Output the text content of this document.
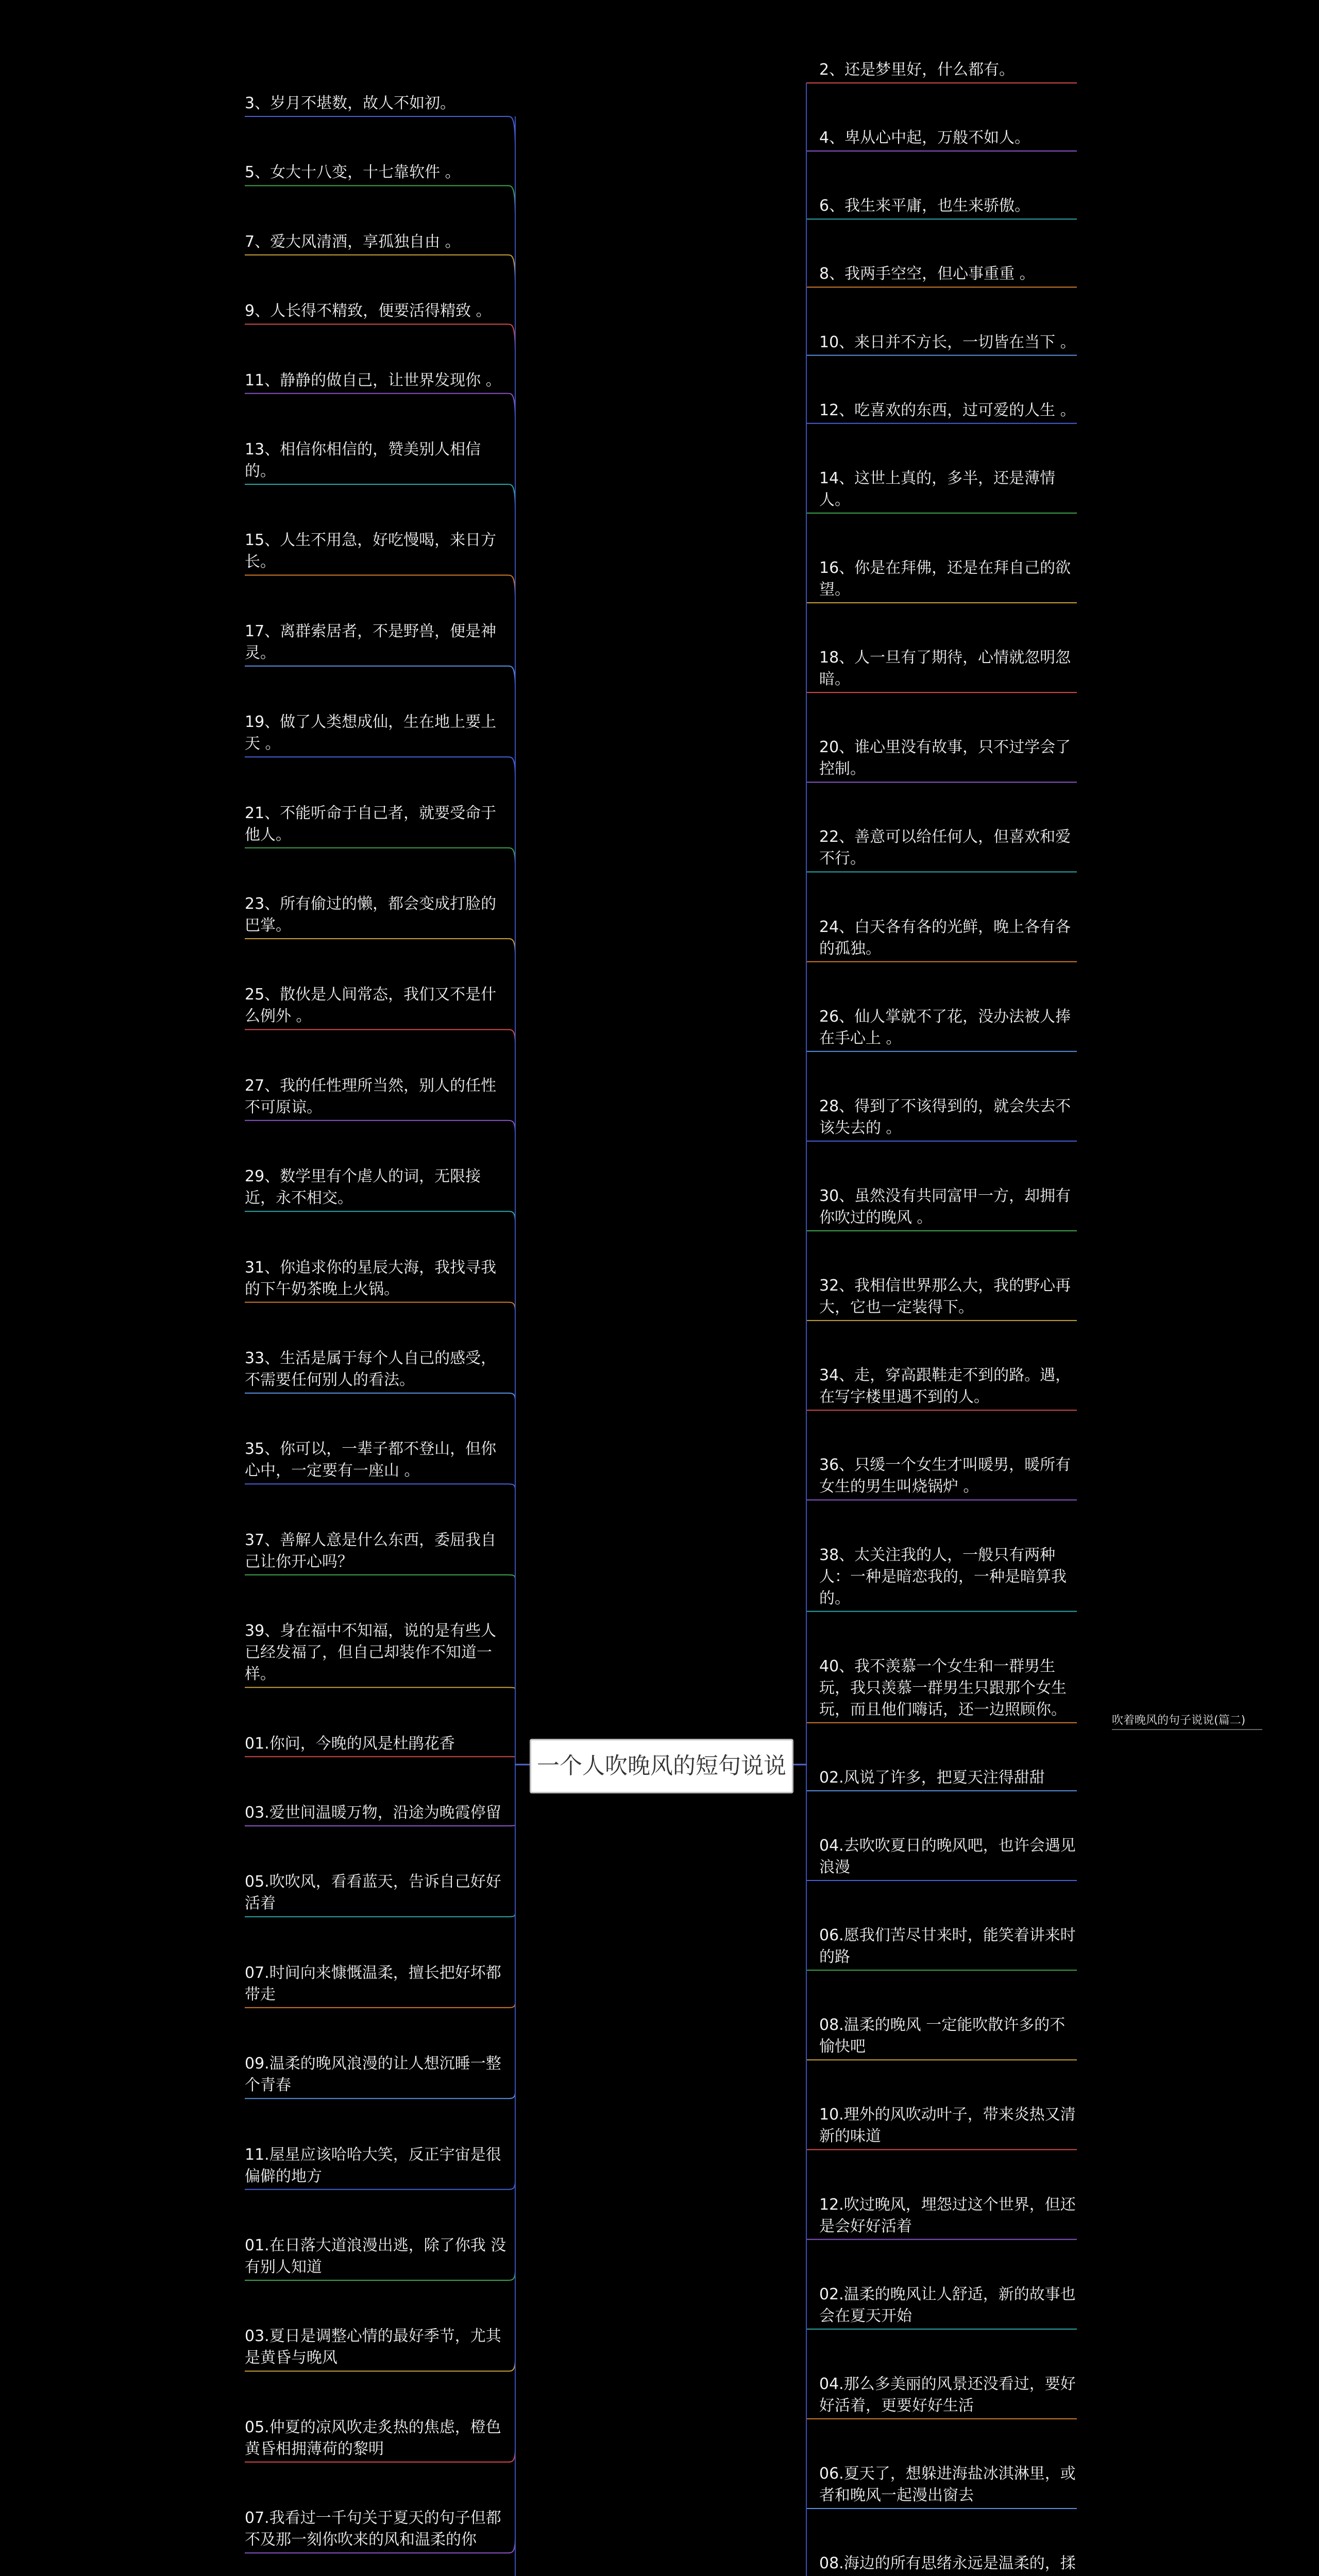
一个人吹晚风的短句说说
吹着晚风的句子说说(篇二)
3、岁月不堪数，故人不如初。
5、女大十八变，十七靠软件 。
7、爱大风清酒，享孤独自由 。
9、人长得不精致，便要活得精致 。
11、静静的做自己，让世界发现你 。
13、相信你相信的，赞美别人相信的。
15、人生不用急，好吃慢喝，来日方长。
17、离群索居者，不是野兽，便是神灵。
19、做了人类想成仙，生在地上要上天 。
21、不能听命于自己者，就要受命于他人。
23、所有偷过的懒，都会变成打脸的巴掌。
25、散伙是人间常态，我们又不是什么例外 。
27、我的任性理所当然，别人的任性不可原谅。
29、数学里有个虐人的词，无限接近，永不相交。
31、你追求你的星辰大海，我找寻我的下午奶茶晚上火锅。
33、生活是属于每个人自己的感受，不需要任何别人的看法。
35、你可以，一辈子都不登山，但你心中，一定要有一座山 。
37、善解人意是什么东西，委屈我自己让你开心吗？
39、身在福中不知福，说的是有些人已经发福了，但自己却装作不知道一样。
01.你问，今晚的风是杜鹃花香
03.爱世间温暖万物，沿途为晚霞停留
05.吹吹风，看看蓝天，告诉自己好好活着
07.时间向来慷慨温柔，擅长把好坏都带走
09.温柔的晚风浪漫的让人想沉睡一整个青春
11.屋星应该哈哈大笑，反正宇宙是很偏僻的地方
01.在日落大道浪漫出逃，除了你我 没有别人知道
03.夏日是调整心情的最好季节，尤其是黄昏与晚风
05.仲夏的凉风吹走炙热的焦虑，橙色黄昏相拥薄荷的黎明
07.我看过一千句关于夏天的句子但都不及那一刻你吹来的风和温柔的你
2、还是梦里好，什么都有。
4、卑从心中起，万般不如人。
6、我生来平庸，也生来骄傲。
8、我两手空空，但心事重重 。
10、来日并不方长，一切皆在当下 。
12、吃喜欢的东西，过可爱的人生 。
14、这世上真的，多半，还是薄情人。
16、你是在拜佛，还是在拜自己的欲望。
18、人一旦有了期待，心情就忽明忽暗。
20、谁心里没有故事，只不过学会了控制。
22、善意可以给任何人，但喜欢和爱不行。
24、白天各有各的光鲜，晚上各有各的孤独。
26、仙人掌就不了花，没办法被人捧在手心上 。
28、得到了不该得到的，就会失去不该失去的 。
30、虽然没有共同富甲一方，却拥有你吹过的晚风 。
32、我相信世界那么大，我的野心再大，它也一定装得下。
34、走，穿高跟鞋走不到的路。遇，在写字楼里遇不到的人。
36、只缓一个女生才叫暖男，暖所有女生的男生叫烧锅炉 。
38、太关注我的人，一般只有两种人：一种是暗恋我的，一种是暗算我的。
40、我不羡慕一个女生和一群男生玩，我只羡慕一群男生只跟那个女生玩，而且他们嗨话，还一边照顾你。
02.风说了许多，把夏天注得甜甜
04.去吹吹夏日的晚风吧，也许会遇见浪漫
06.愿我们苦尽甘来时，能笑着讲来时的路
08.温柔的晚风 一定能吹散许多的不愉快吧
10.理外的风吹动叶子，带来炎热又清新的味道
12.吹过晚风，埋怨过这个世界，但还是会好好活着
02.温柔的晚风让人舒适，新的故事也会在夏天开始
04.那么多美丽的风景还没看过，要好好活着，更要好好生活
06.夏天了，想躲进海盐冰淇淋里，或者和晚风一起漫出窗去
08.海边的所有思绪永远是温柔的，揉
